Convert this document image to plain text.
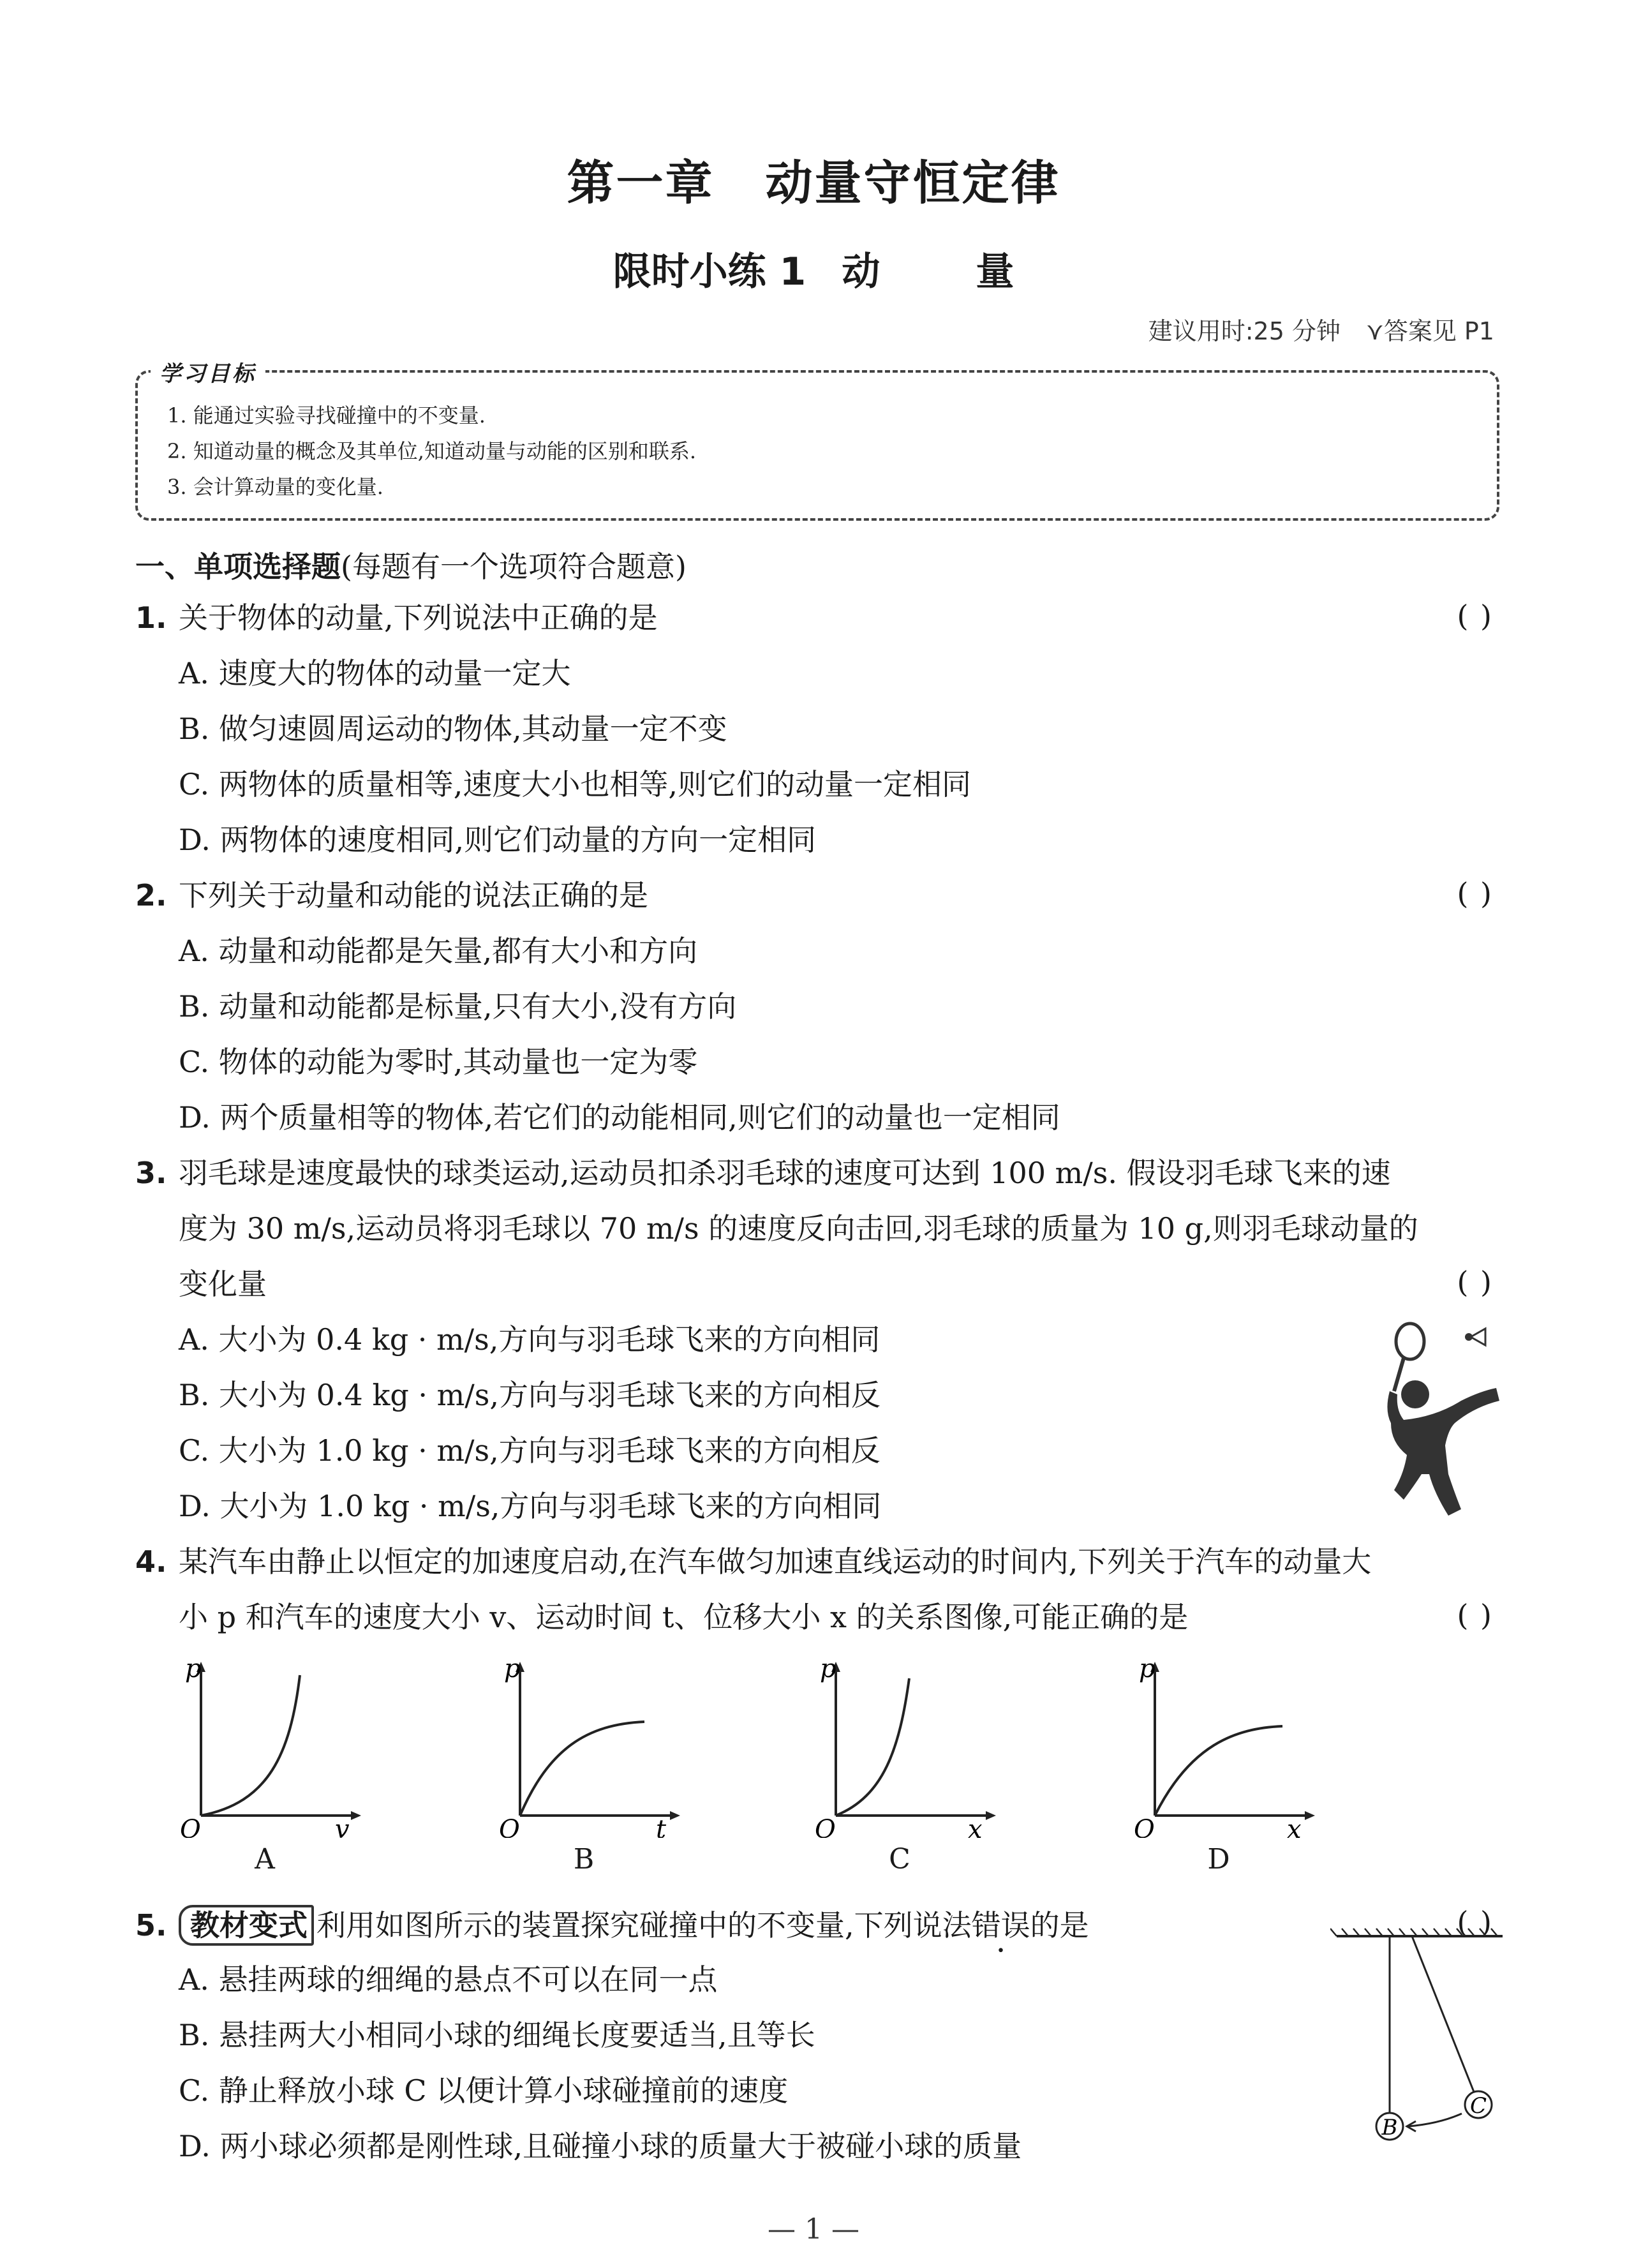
第一章 动量守恒定律
限时小练 1 动	量
建议用时:25 分钟 ⋎答案见 P1
学习目标
1. 能通过实验寻找碰撞中的不变量.
2. 知道动量的概念及其单位,知道动量与动能的区别和联系.
3. 会计算动量的变化量.
一、单项选择题(每题有一个选项符合题意)
1. 关于物体的动量,下列说法中正确的是	( )
A. 速度大的物体的动量一定大
B. 做匀速圆周运动的物体,其动量一定不变
C. 两物体的质量相等,速度大小也相等,则它们的动量一定相同
D. 两物体的速度相同,则它们动量的方向一定相同
2. 下列关于动量和动能的说法正确的是	( )
A. 动量和动能都是矢量,都有大小和方向
B. 动量和动能都是标量,只有大小,没有方向
C. 物体的动能为零时,其动量也一定为零
D. 两个质量相等的物体,若它们的动能相同,则它们的动量也一定相同
3. 羽毛球是速度最快的球类运动,运动员扣杀羽毛球的速度可达到 100 m/s. 假设羽毛球飞来的速
度为 30 m/s,运动员将羽毛球以 70 m/s 的速度反向击回,羽毛球的质量为 10 g,则羽毛球动量的
变化量	( )
A. 大小为 0.4 kg · m/s,方向与羽毛球飞来的方向相同
B. 大小为 0.4 kg · m/s,方向与羽毛球飞来的方向相反
C. 大小为 1.0 kg · m/s,方向与羽毛球飞来的方向相反
D. 大小为 1.0 kg · m/s,方向与羽毛球飞来的方向相同
4. 某汽车由静止以恒定的加速度启动,在汽车做匀加速直线运动的时间内,下列关于汽车的动量大
小 p 和汽车的速度大小 v、运动时间 t、位移大小 x 的关系图像,可能正确的是	( )
p
O	v
A
p
O	t
B
p
O	x
C
p
O	x
D
5. 教材变式 利用如图所示的装置探究碰撞中的不变量,下列说法错误的是	( )
A. 悬挂两球的细绳的悬点不可以在同一点
B. 悬挂两大小相同小球的细绳长度要适当,且等长
C. 静止释放小球 C 以便计算小球碰撞前的速度
D. 两小球必须都是刚性球,且碰撞小球的质量大于被碰小球的质量
B
C
— 1 —
